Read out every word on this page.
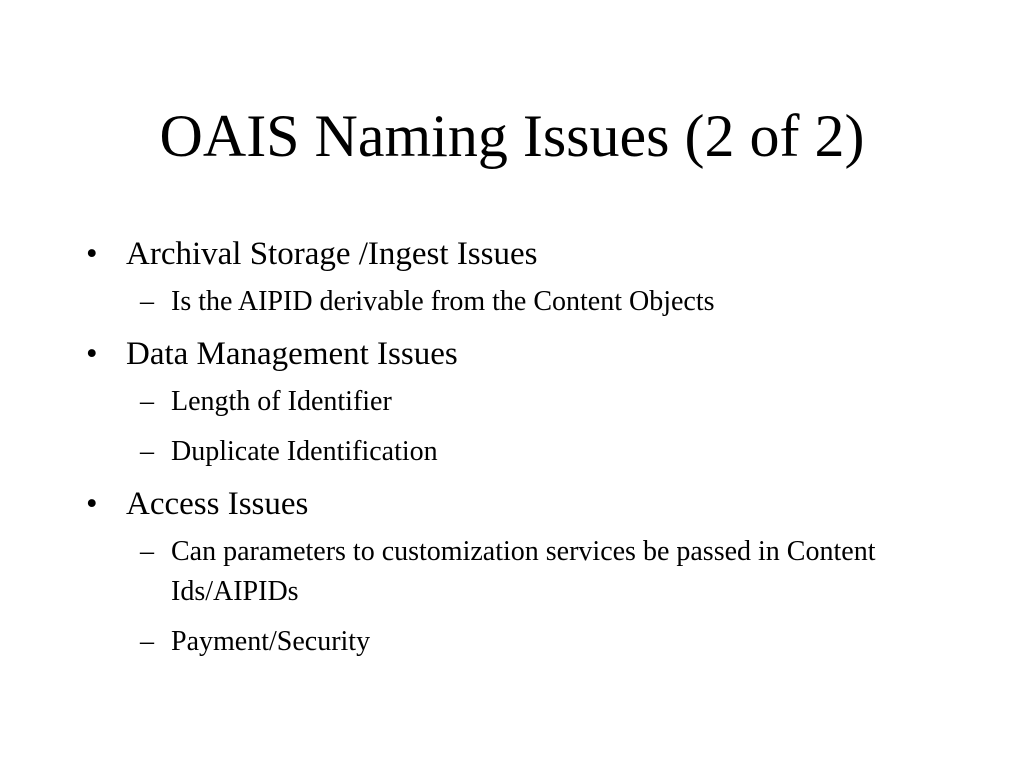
OAIS Naming Issues (2 of 2)
• Archival Storage /Ingest Issues
– Is the AIPID derivable from the Content Objects
• Data Management Issues
– Length of Identifier
– Duplicate Identification
• Access Issues
– Can parameters to customization services be passed in Content Ids/AIPIDs
– Payment/Security
